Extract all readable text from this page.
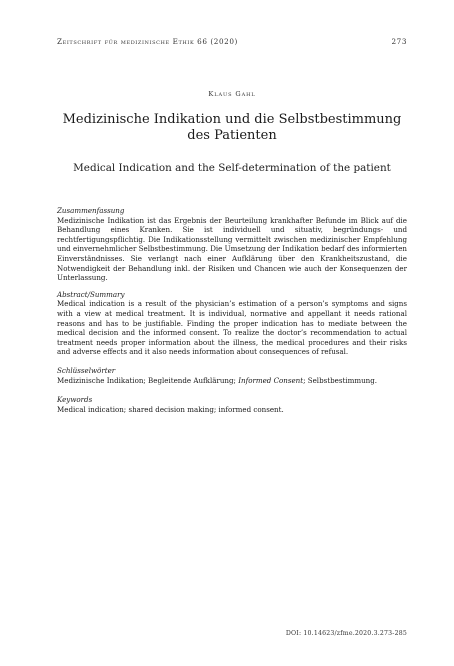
Zeitschrift für medizinische Ethik 66 (2020)	273
Klaus Gahl
Medizinische Indikation und die Selbstbestimmung des Patienten
Medical Indication and the Self-determination of the patient

Zusammenfassung

Medizinische Indikation ist das Ergebnis der Beurteilung krankhafter Befunde im Blick auf die Behandlung eines Kranken. Sie ist individuell und situativ, begründungs- und rechtfertigungspflichtig. Die Indikationsstellung vermittelt zwischen medizinischer Empfehlung und einvernehmlicher Selbstbestimmung. Die Umsetzung der Indikation bedarf des informierten Einverständnisses. Sie verlangt nach einer Aufklärung über den Krankheitszustand, die Notwendigkeit der Behandlung inkl. der Risiken und Chancen wie auch der Konsequenzen der Unterlassung.

Abstract/Summary

Medical indication is a result of the physician’s estimation of a person’s symptoms and signs with a view at medical treatment. It is individual, normative and appellant it needs rational reasons and has to be justifiable. Finding the proper indication has to mediate between the medical decision and the informed consent. To realize the doctor’s recommendation to actual treatment needs proper information about the illness, the medical procedures and their risks and adverse effects and it also needs information about consequences of refusal.

Schlüsselwörter

Medizinische Indikation; Begleitende Aufklärung; Informed Consent; Selbstbestimmung.

Keywords

Medical indication; shared decision making; informed consent.

DOI: 10.14623/zfme.2020.3.273-285
